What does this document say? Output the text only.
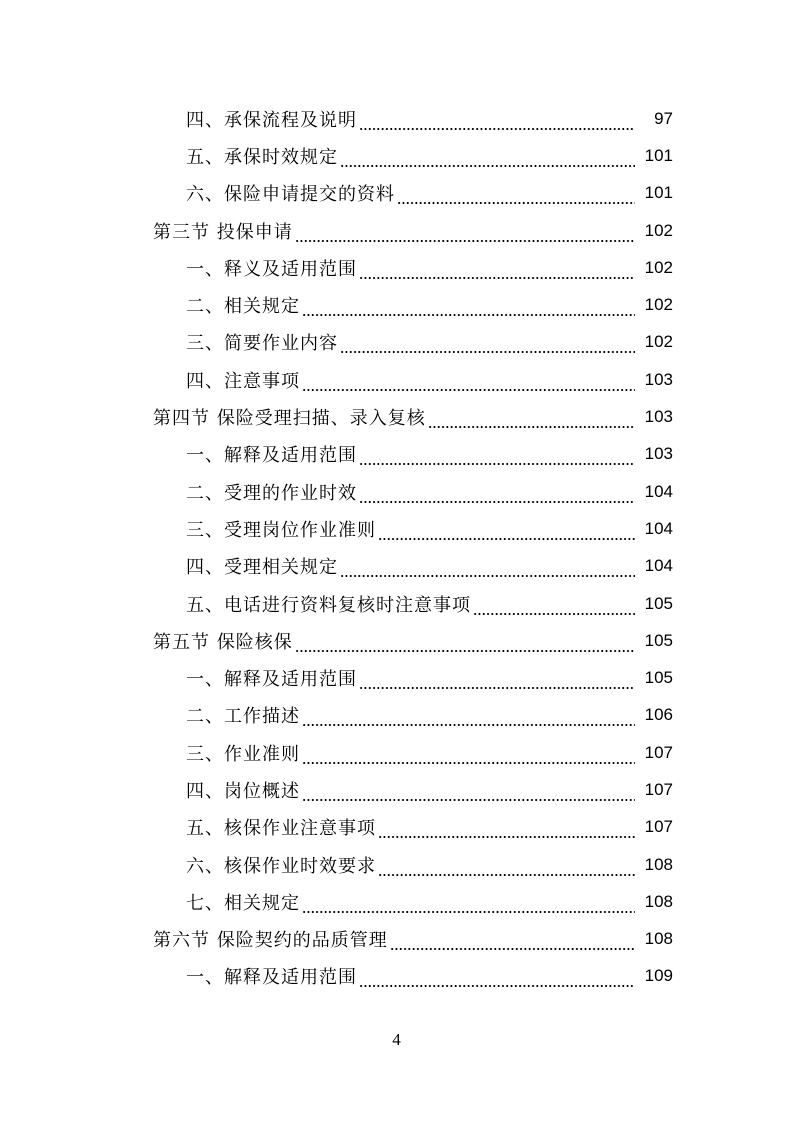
四、承保流程及说明	97
五、承保时效规定	101
六、保险申请提交的资料	101
第三节 投保申请	102
一、释义及适用范围	102
二、相关规定	102
三、简要作业内容	102
四、注意事项	103
第四节 保险受理扫描、录入复核	103
一、解释及适用范围	103
二、受理的作业时效	104
三、受理岗位作业准则	104
四、受理相关规定	104
五、电话进行资料复核时注意事项	105
第五节 保险核保	105
一、解释及适用范围	105
二、工作描述	106
三、作业准则	107
四、岗位概述	107
五、核保作业注意事项	107
六、核保作业时效要求	108
七、相关规定	108
第六节 保险契约的品质管理	108
一、解释及适用范围	109
4
